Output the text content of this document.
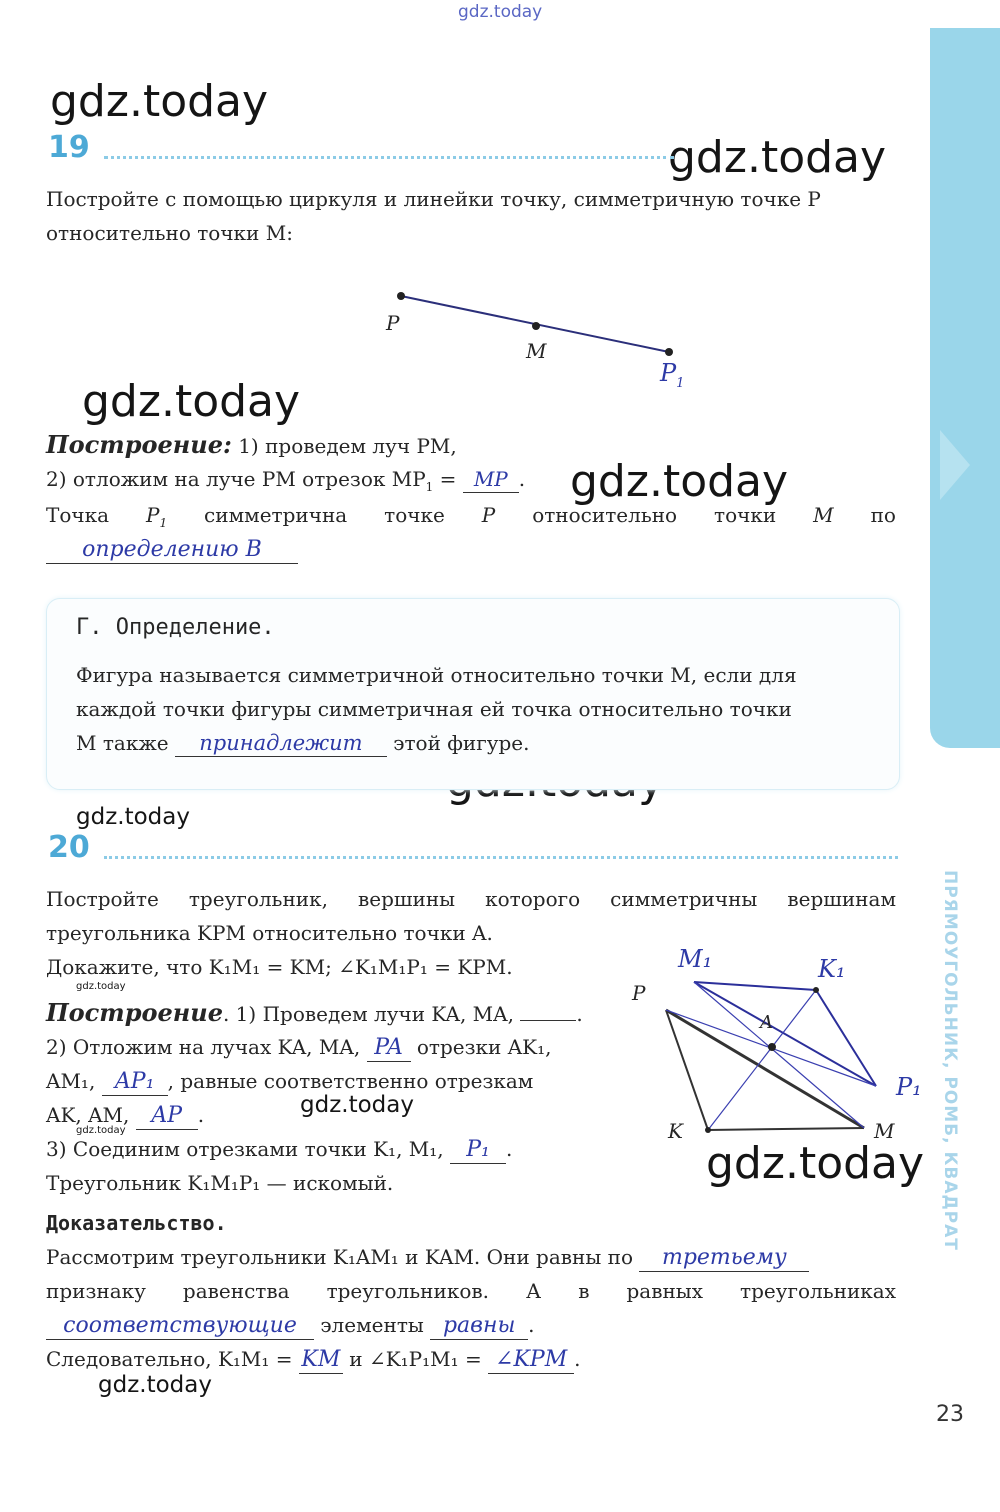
ПРЯМОУГОЛЬНИК, РОМБ, КВАДРАТ
gdz.today
gdz.today
gdz.today
gdz.today
gdz.today
gdz.today
gdz.today
gdz.today
gdz.today
gdz.today
gdz.today
19
Постройте с помощью циркуля и линейки точку, симметричную точке P
относительно точки M:
P
M
$P_1$
Построение: 1) проведем луч PM,
2) отложим на луче PM отрезок $MP_1$ = MP .
Точка $P_1$ симметрична точке P относительно точки M по
определению В
Г. Определение.
Фигура называется симметричной относительно точки M, если для
каждой точки фигуры симметричная ей точка относительно точки
M также принадлежит этой фигуре.
20
Постройте треугольник, вершины которого симметричны вершинам
треугольника KPM относительно точки A.
Докажите, что K₁M₁ = KM; ∠K₁M₁P₁ = KPM.
Построение. 1) Проведем лучи KA, MA,	.
2) Отложим на лучах KA, MA, PA отрезки AK₁,
AM₁, AP₁ , равные соответственно отрезкам
AK, AM, AP .
3) Соединим отрезками точки K₁, M₁, P₁ .
Треугольник K₁M₁P₁ — искомый.
M₁	K₁
P
A
P₁
K	M
Доказательство.
Рассмотрим треугольники K₁AM₁ и KAM. Они равны по третьему
признаку равенства треугольников. А в равных треугольниках
соответствующие элементы равны .
Следовательно, K₁M₁ = KM и ∠K₁P₁M₁ = ∠KPM .
23
